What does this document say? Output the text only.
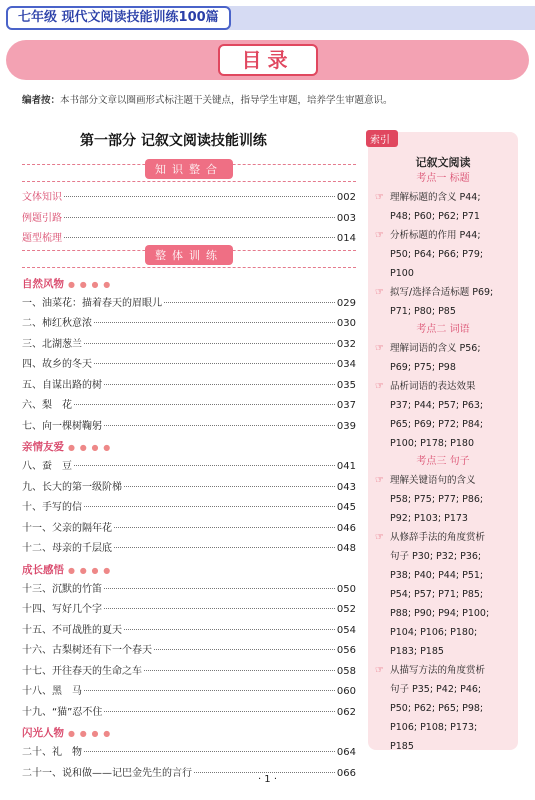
七年级 现代文阅读技能训练100篇
目录
编者按：本书部分文章以圈画形式标注题干关键点，指导学生审题，培养学生审题意识。
第一部分 记叙文阅读技能训练
知识整合
文体知识	002
例题引路	003
题型梳理	014
整体训练
自然风物 ● ● ● ●
一、油菜花：描着春天的眉眼儿	029
二、柿红秋意浓	030
三、北湖葱兰	032
四、故乡的冬天	034
五、自谋出路的树	035
六、梨　花	037
七、向一棵树鞠躬	039
亲情友爱 ● ● ● ●
八、蚕　豆	041
九、长大的第一级阶梯	043
十、手写的信	045
十一、父亲的隔年花	046
十二、母亲的千层底	048
成长感悟 ● ● ● ●
十三、沉默的竹笛	050
十四、写好几个字	052
十五、不可战胜的夏天	054
十六、古梨树还有下一个春天	056
十七、开往春天的生命之车	058
十八、黑　马	060
十九、“猫”忍不住	062
闪光人物 ● ● ● ●
二十、礼　物	064
二十一、说和做——记巴金先生的言行	066
索引
记叙文阅读
考点一 标题
☞ 理解标题的含义 P44;
P48; P60; P62; P71
☞ 分析标题的作用 P44;
P50; P64; P66; P79;
P100
☞ 拟写/选择合适标题 P69;
P71; P80; P85
考点二 词语
☞ 理解词语的含义 P56;
P69; P75; P98
☞ 品析词语的表达效果
P37; P44; P57; P63;
P65; P69; P72; P84;
P100; P178; P180
考点三 句子
☞ 理解关键语句的含义
P58; P75; P77; P86;
P92; P103; P173
☞ 从修辞手法的角度赏析
句子 P30; P32; P36;
P38; P40; P44; P51;
P54; P57; P71; P85;
P88; P90; P94; P100;
P104; P106; P180;
P183; P185
☞ 从描写方法的角度赏析
句子 P35; P42; P46;
P50; P62; P65; P98;
P106; P108; P173;
P185
· 1 ·
